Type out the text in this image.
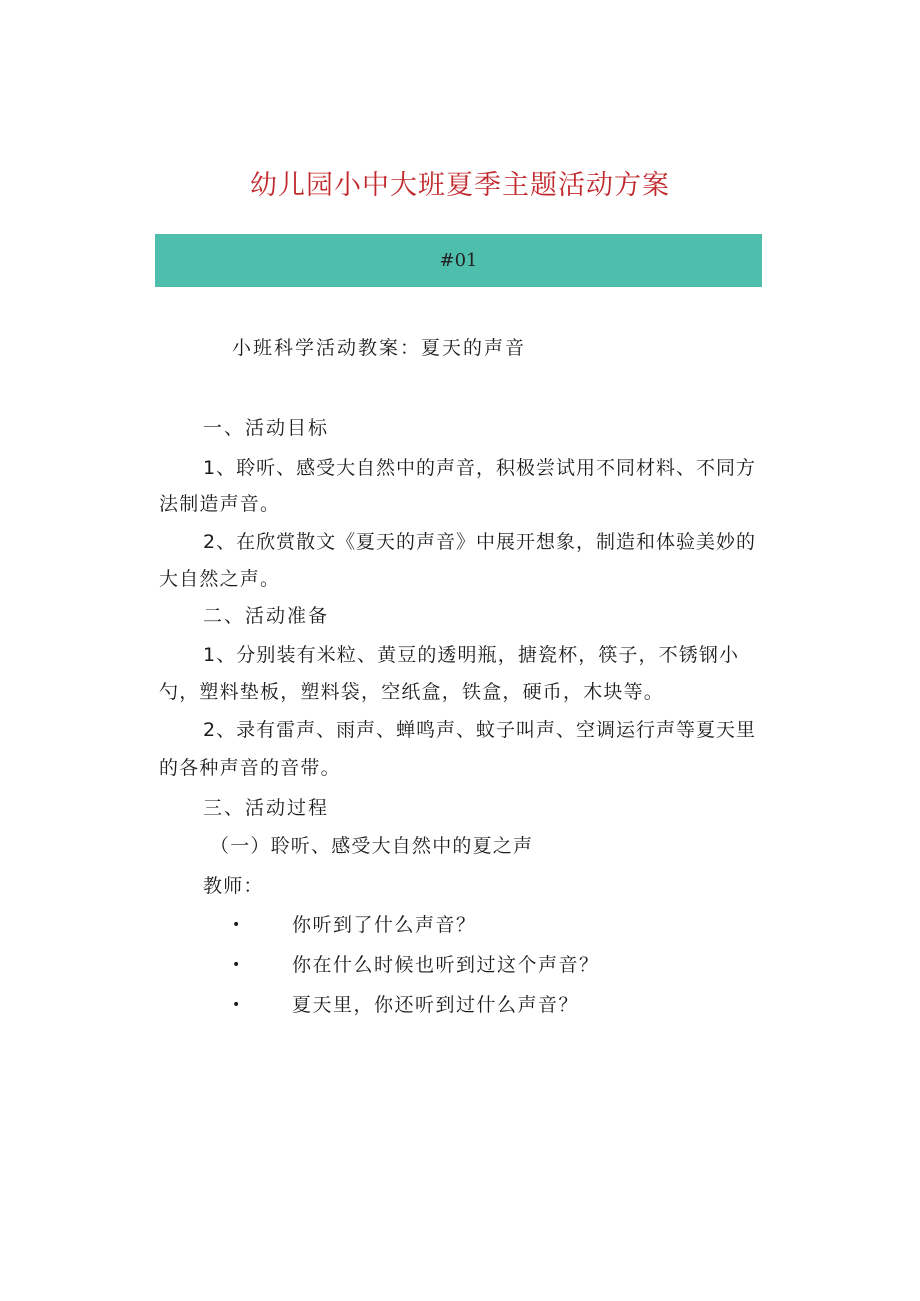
幼儿园小中大班夏季主题活动方案
#01
小班科学活动教案：夏天的声音
一、活动目标
1、聆听、感受大自然中的声音，积极尝试用不同材料、不同方
法制造声音。
2、在欣赏散文《夏天的声音》中展开想象，制造和体验美妙的
大自然之声。
二、活动准备
1、分别装有米粒、黄豆的透明瓶，搪瓷杯，筷子，不锈钢小
勺，塑料垫板，塑料袋，空纸盒，铁盒，硬币，木块等。
2、录有雷声、雨声、蝉鸣声、蚊子叫声、空调运行声等夏天里
的各种声音的音带。
三、活动过程
（一）聆听、感受大自然中的夏之声
教师：
•	你听到了什么声音？
•	你在什么时候也听到过这个声音？
•	夏天里，你还听到过什么声音？
